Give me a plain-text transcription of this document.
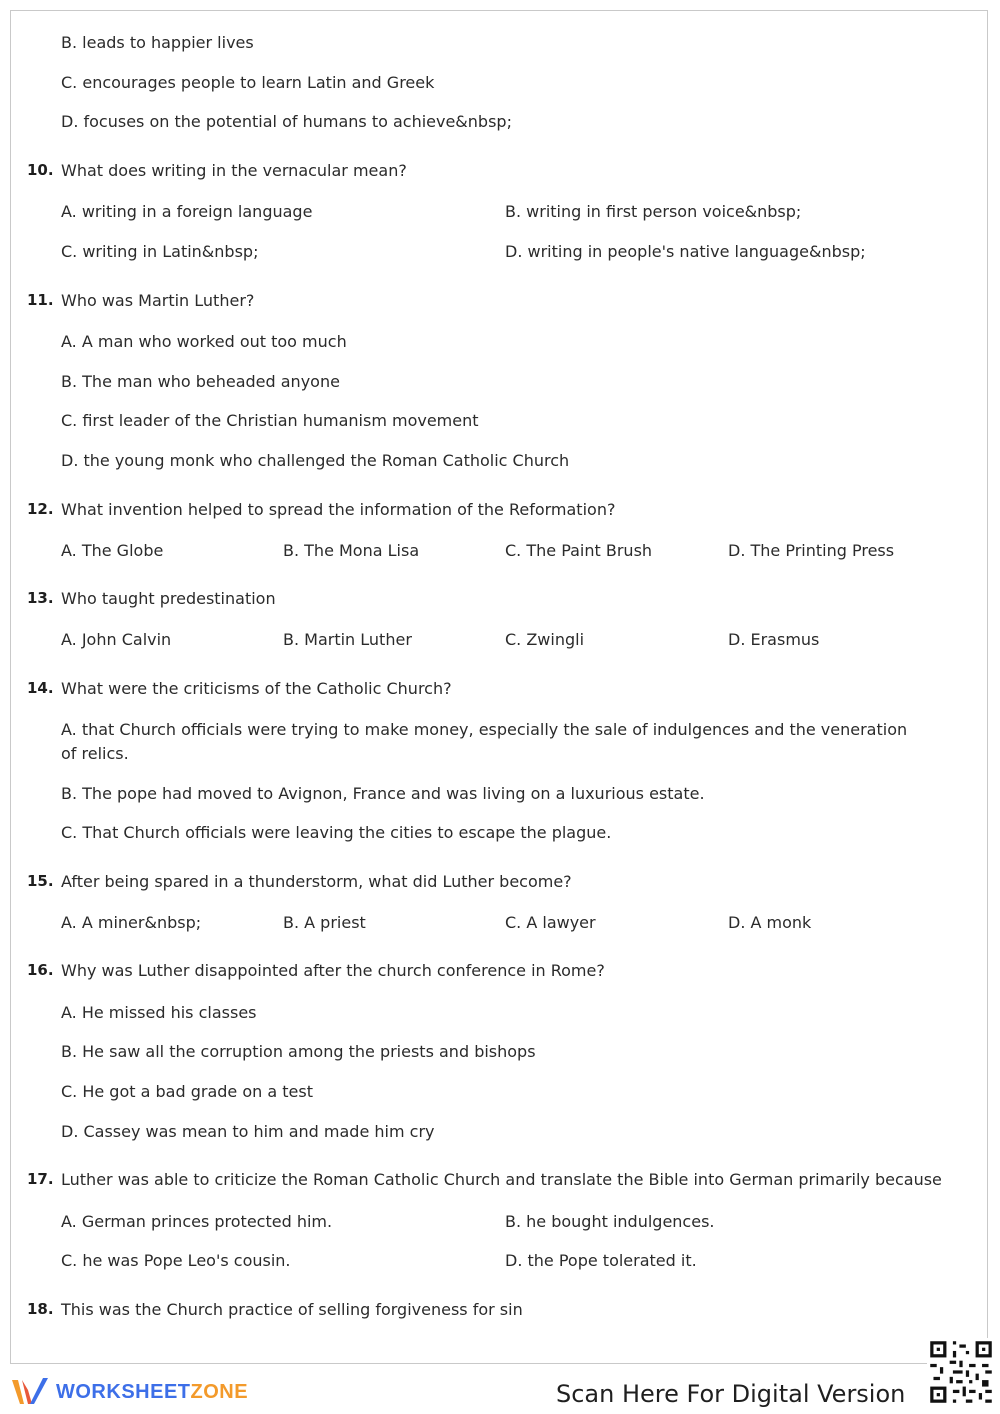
B. leads to happier lives
C. encourages people to learn Latin and Greek
D. focuses on the potential of humans to achieve&nbsp;
10. What does writing in the vernacular mean?
A. writing in a foreign language	B. writing in first person voice&nbsp;
C. writing in Latin&nbsp;	D. writing in people's native language&nbsp;
11. Who was Martin Luther?
A. A man who worked out too much
B. The man who beheaded anyone
C. first leader of the Christian humanism movement
D. the young monk who challenged the Roman Catholic Church
12. What invention helped to spread the information of the Reformation?
A. The Globe	B. The Mona Lisa	C. The Paint Brush	D. The Printing Press
13. Who taught predestination
A. John Calvin	B. Martin Luther	C. Zwingli	D. Erasmus
14. What were the criticisms of the Catholic Church?
A. that Church officials were trying to make money, especially the sale of indulgences and the veneration of relics.
B. The pope had moved to Avignon, France and was living on a luxurious estate.
C. That Church officials were leaving the cities to escape the plague.
15. After being spared in a thunderstorm, what did Luther become?
A. A miner&nbsp;	B. A priest	C. A lawyer	D. A monk
16. Why was Luther disappointed after the church conference in Rome?
A. He missed his classes
B. He saw all the corruption among the priests and bishops
C. He got a bad grade on a test
D. Cassey was mean to him and made him cry
17. Luther was able to criticize the Roman Catholic Church and translate the Bible into German primarily because
A. German princes protected him.	B. he bought indulgences.
C. he was Pope Leo's cousin.	D. the Pope tolerated it.
18. This was the Church practice of selling forgiveness for sin
WORKSHEETZONE	Scan Here For Digital Version
